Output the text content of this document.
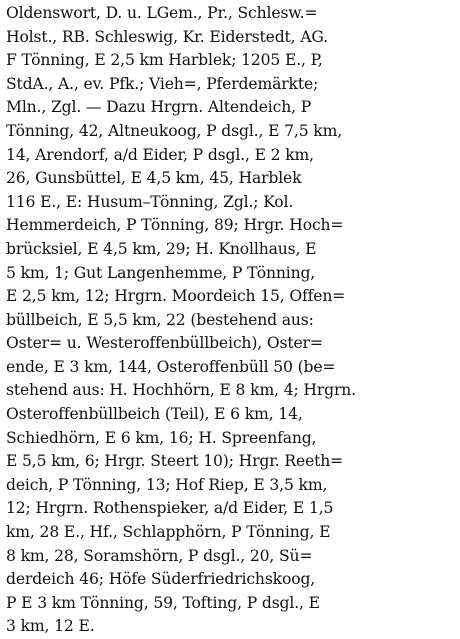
Oldenswort, D. u. LGem., Pr., Schlesw.=
Holst., RB. Schleswig, Kr. Eiderstedt, AG.
F Tönning, E 2,5 km Harblek; 1205 E., P,
StdA., A., ev. Pfk.; Vieh=, Pferdemärkte;
Mln., Zgl. — Dazu Hrgrn. Altendeich, P
Tönning, 42, Altneukoog, P dsgl., E 7,5 km,
14, Arendorf, a/d Eider, P dsgl., E 2 km,
26, Gunsbüttel, E 4,5 km, 45, Harblek
116 E., E: Husum–Tönning, Zgl.; Kol.
Hemmerdeich, P Tönning, 89; Hrgr. Hoch=
brücksiel, E 4,5 km, 29; H. Knollhaus, E
5 km, 1; Gut Langenhemme, P Tönning,
E 2,5 km, 12; Hrgrn. Moordeich 15, Offen=
büllbeich, E 5,5 km, 22 (bestehend aus:
Oster= u. Westeroffenbüllbeich), Oster=
ende, E 3 km, 144, Osteroffenbüll 50 (be=
stehend aus: H. Hochhörn, E 8 km, 4; Hrgrn.
Osteroffenbüllbeich (Teil), E 6 km, 14,
Schiedhörn, E 6 km, 16; H. Spreenfang,
E 5,5 km, 6; Hrgr. Steert 10); Hrgr. Reeth=
deich, P Tönning, 13; Hof Riep, E 3,5 km,
12; Hrgrn. Rothenspieker, a/d Eider, E 1,5
km, 28 E., Hf., Schlapphörn, P Tönning, E
8 km, 28, Soramshörn, P dsgl., 20, Sü=
derdeich 46; Höfe Süderfriedrichskoog,
P E 3 km Tönning, 59, Tofting, P dsgl., E
3 km, 12 E.
